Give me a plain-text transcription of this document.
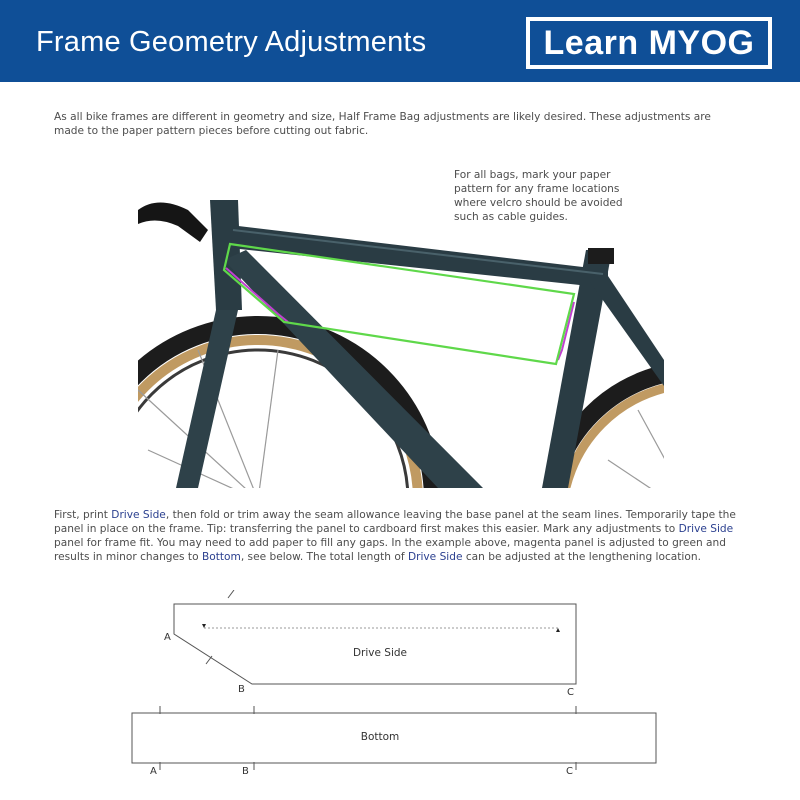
Frame Geometry Adjustments	Learn MYOG
As all bike frames are different in geometry and size, Half Frame Bag adjustments are likely desired. These adjustments are made to the paper pattern pieces before cutting out fabric.
For all bags, mark your paper pattern for any frame locations where velcro should be avoided such as cable guides.
First, print Drive Side, then fold or trim away the seam allowance leaving the base panel at the seam lines. Temporarily tape the panel in place on the frame. Tip: transferring the panel to cardboard first makes this easier. Mark any adjustments to Drive Side panel for frame fit. You may need to add paper to fill any gaps. In the example above, magenta panel is adjusted to green and results in minor changes to Bottom, see below. The total length of Drive Side can be adjusted at the lengthening location.
Drive Side
A
B	C
Bottom
A	B	C
